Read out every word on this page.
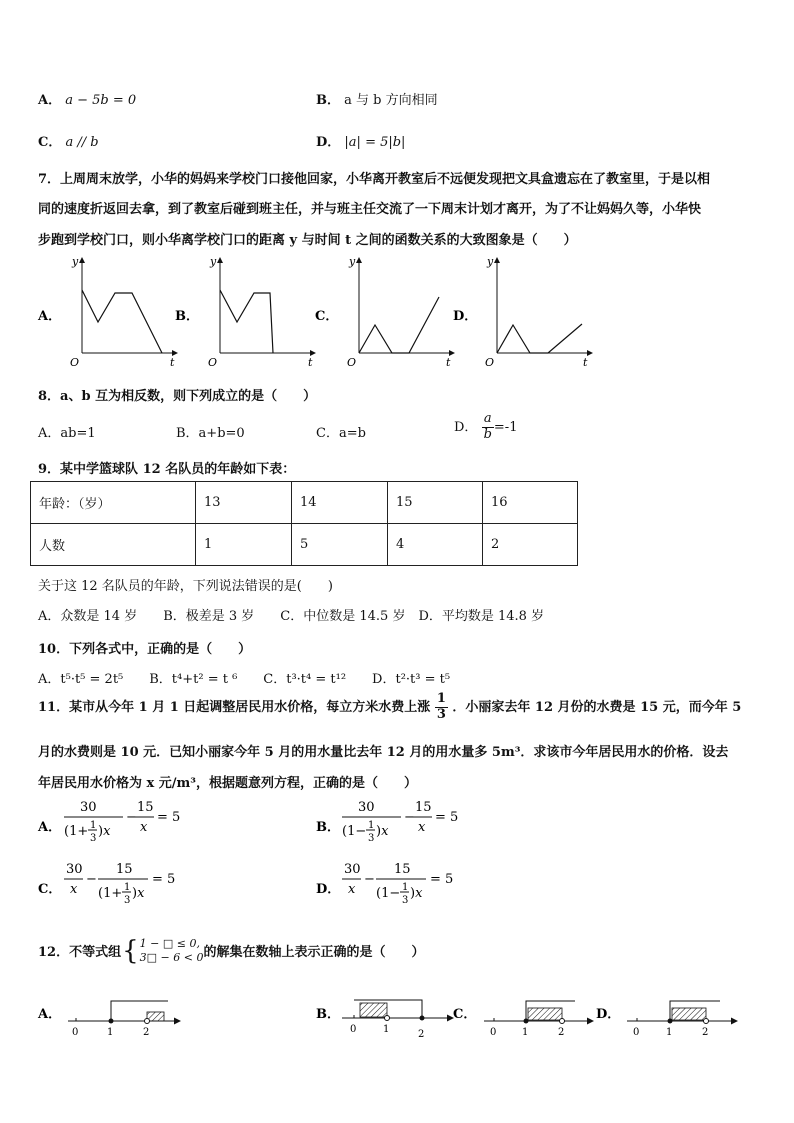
A． a − 5b = 0	B． a 与 b 方向相同
C． a // b	D． |a| = 5|b|
7．上周周末放学，小华的妈妈来学校门口接他回家，小华离开教室后不远便发现把文具盒遗忘在了教室里，于是以相
同的速度折返回去拿，到了教室后碰到班主任，并与班主任交流了一下周末计划才离开，为了不让妈妈久等，小华快
步跑到学校门口，则小华离学校门口的距离 y 与时间 t 之间的函数关系的大致图象是（　　）
A．
y
t
O
B．
y
t
O
C．
y
t
O
D．
y
t
O
8．a、b 互为相反数，则下列成立的是（　　）
A．ab=1	B．a+b=0	C．a=b	D． $\frac{a}{b} =-1$
9．某中学篮球队 12 名队员的年龄如下表：
年龄：（岁）	13	14	15	16
人数	1	5	4	2
关于这 12 名队员的年龄，下列说法错误的是(　　)
A．众数是 14 岁　　B．极差是 3 岁　　C．中位数是 14.5 岁　D．平均数是 14.8 岁
10．下列各式中，正确的是（　　）
A．t⁵·t⁵ = 2t⁵　　B．t⁴+t² = t ⁶　　C．t³·t⁴ = t¹²　　D．t²·t³ = t⁵
11．某市从今年 1 月 1 日起调整居民用水价格，每立方米水费上涨 $\frac{1}{3}$ ．小丽家去年 12 月份的水费是 15 元，而今年 5
月的水费则是 10 元．已知小丽家今年 5 月的用水量比去年 12 月的用水量多 5m³．求该市今年居民用水的价格．设去
年居民用水价格为 x 元/m³，根据题意列方程，正确的是（　　）
A．
30
(1+ 1
3 )x
−
15
x
= 5
B．
30
(1− 1
3 )x
−
15
x
= 5
C．
30
x
−
15
(1+ 1
3 )x
= 5
D．
30
x
−
15
(1− 1
3 )x
= 5
12．不等式组 { 1 − □ ≤ 0,
3□ − 6 < 0 的解集在数轴上表示正确的是（　　）
A．
0	1	2
B．
0	1	2
C．
0	1	2
D．
0	1	2
